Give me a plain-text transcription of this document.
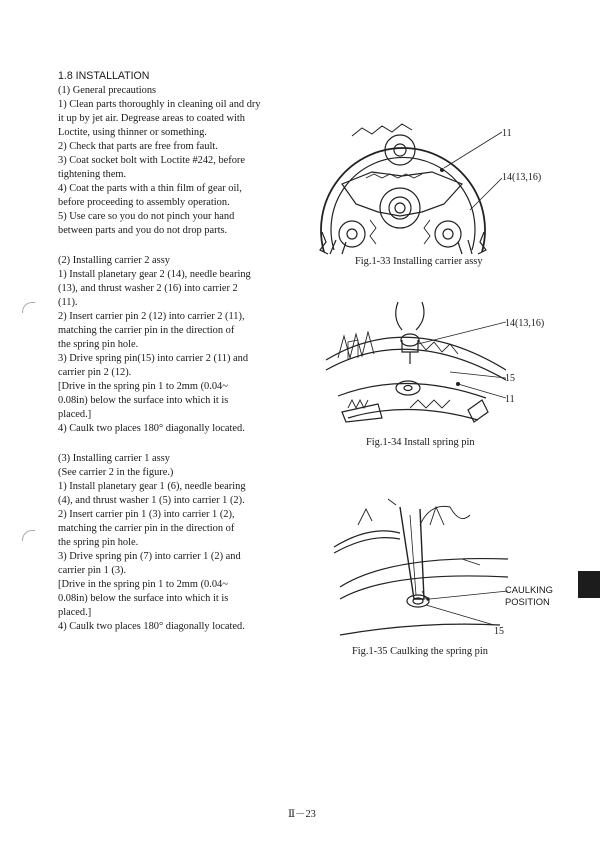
1.8 INSTALLATION
(1) General precautions
1) Clean parts thoroughly in cleaning oil and dry
it up by jet air. Degrease areas to coated with
Loctite, using thinner or something.
2) Check that parts are free from fault.
3) Coat socket bolt with Loctite #242, before
tightening them.
4) Coat the parts with a thin film of gear oil,
before proceeding to assembly operation.
5) Use care so you do not pinch your hand
between parts and you do not drop parts.
(2) Installing carrier 2 assy
1) Install planetary gear 2 (14), needle bearing
(13), and thrust washer 2 (16) into carrier 2
(11).
2) Insert carrier pin 2 (12) into carrier 2 (11),
matching the carrier pin in the direction of
the spring pin hole.
3) Drive spring pin(15) into carrier 2 (11) and
carrier pin 2 (12).
[Drive in the spring pin 1 to 2mm (0.04~
0.08in) below the surface into which it is
placed.]
4) Caulk two places 180° diagonally located.
(3) Installing carrier 1 assy
(See carrier 2 in the figure.)
1) Install planetary gear 1 (6), needle bearing
(4), and thrust washer 1 (5) into carrier 1 (2).
2) Insert carrier pin 1 (3) into carrier 1 (2),
matching the carrier pin in the direction of
the spring pin hole.
3) Drive spring pin (7) into carrier 1 (2) and
carrier pin 1 (3).
[Drive in the spring pin 1 to 2mm (0.04~
0.08in) below the surface into which it is
placed.]
4) Caulk two places 180° diagonally located.
11
14(13,16)
Fig.1-33 Installing carrier assy
14(13,16)
15
11
Fig.1-34 Install spring pin
CAULKING
POSITION
15
Fig.1-35 Caulking the spring pin
Ⅱ－23
